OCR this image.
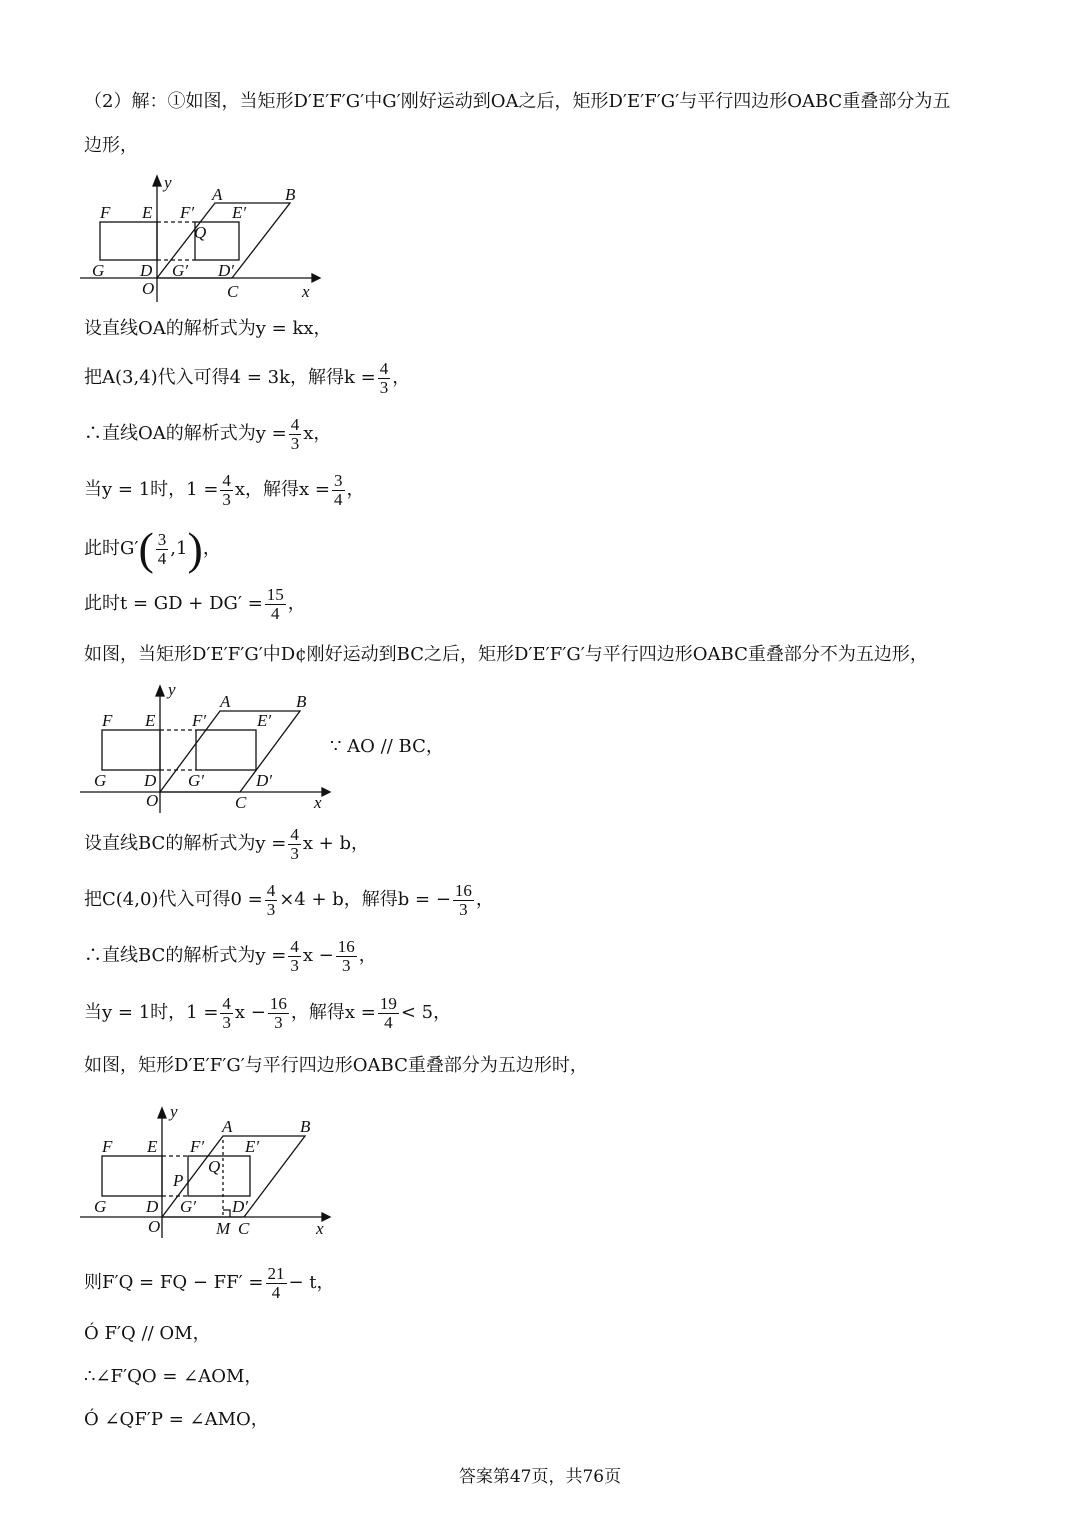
（2）解：①如图，当矩形D′E′F′G′中G′刚好运动到OA之后，矩形D′E′F′G′与平行四边形OABC重叠部分为五
边形，
y
A	B
F E F′ E′
Q
G D G′ D′
O	C	x
设直线OA的解析式为y = kx，
把A(3,4)代入可得4 = 3k，解得$k = \frac{4}{3}$ ，
∴直线OA的解析式为$y = \frac{4}{3}$ x，
当y = 1时，$1 = \frac{4}{3}$ x，解得$x = \frac{3}{4}$ ，
此时G′ ( $\frac{3}{4} ,1$ ) ，
此时t = GD + $DG' = \frac{15}{4}$ ，
如图，当矩形D′E′F′G′中D¢刚好运动到BC之后，矩形D′E′F′G′与平行四边形OABC重叠部分不为五边形，
y
A	B
F E F′	E′
G D G′	D′
O	C	x
∵ AO // BC，
设直线BC的解析式为$y = \frac{4}{3}$ x + b，
把C(4,0)代入可得$0 = \frac{4}{3} \times 4 + b$，解得b = − $\frac{16}{3}$ ，
∴直线BC的解析式为$y = \frac{4}{3}$ $x - \frac{16}{3}$ ，
当y = 1时，$1 = \frac{4}{3}$ $x - \frac{16}{3}$ ，解得$x = \frac{19}{4} < 5$，
如图，矩形D′E′F′G′与平行四边形OABC重叠部分为五边形时，
y
A	B
F E F′ E′
Q
P
G D G′ D′
O	M C	x
则F′Q = FQ − $FF' = \frac{21}{4} - t$，
Ó F′Q // OM，
∴∠F′QO = ∠AOM，
Ó ∠QF′P = ∠AMO，
答案第47页，共76页
